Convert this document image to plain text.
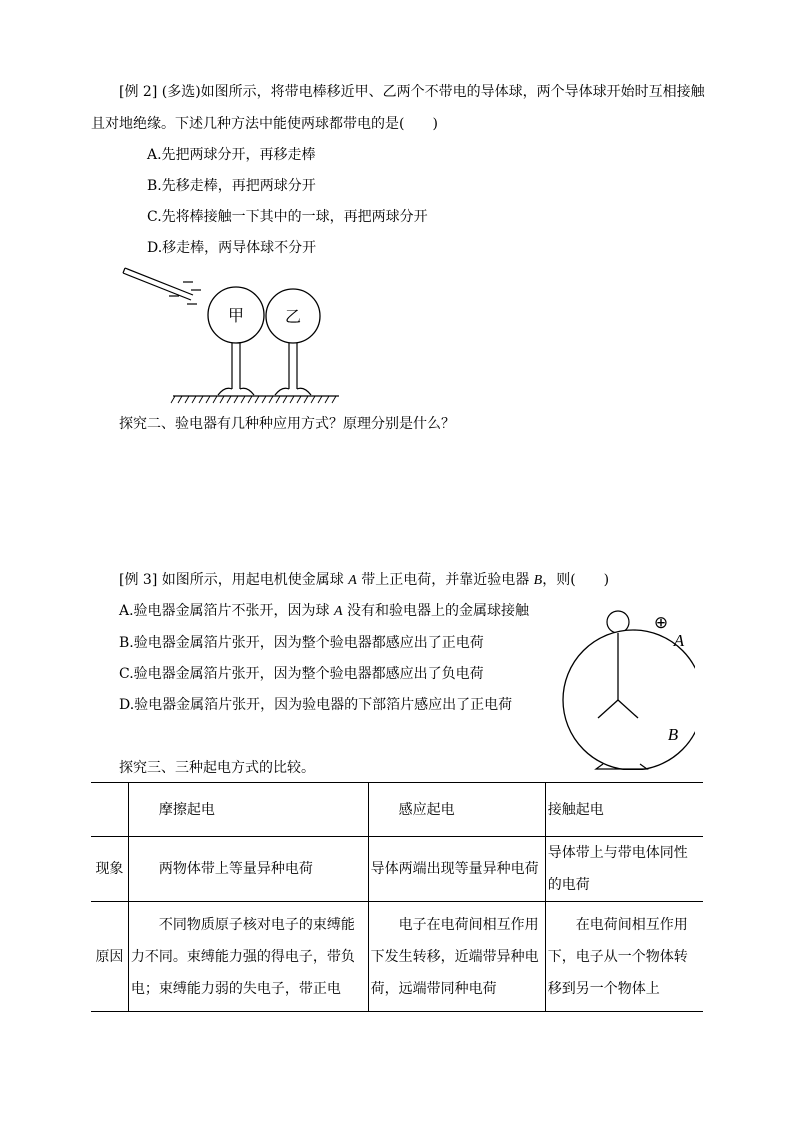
[例 2] (多选)如图所示，将带电棒移近甲、乙两个不带电的导体球，两个导体球开始时互相接触
且对地绝缘。下述几种方法中能使两球都带电的是(　　)
A.先把两球分开，再移走棒
B.先移走棒，再把两球分开
C.先将棒接触一下其中的一球，再把两球分开
D.移走棒，两导体球不分开
甲	乙
探究二、验电器有几种种应用方式？原理分别是什么？
[例 3] 如图所示，用起电机使金属球 A 带上正电荷，并靠近验电器 B，则(　　)
A.验电器金属箔片不张开，因为球 A 没有和验电器上的金属球接触
B.验电器金属箔片张开，因为整个验电器都感应出了正电荷
C.验电器金属箔片张开，因为整个验电器都感应出了负电荷
D.验电器金属箔片张开，因为验电器的下部箔片感应出了正电荷
⊕
A
B
探究三、三种起电方式的比较。
	摩擦起电	感应起电	接触起电
现象	两物体带上等量异种电荷	导体两端出现等量异种电荷	导体带上与带电体同性的电荷
原因	不同物质原子核对电子的束缚能力不同。束缚能力强的得电子，带负电；束缚能力弱的失电子，带正电	电子在电荷间相互作用下发生转移，近端带异种电荷，远端带同种电荷	在电荷间相互作用下，电子从一个物体转移到另一个物体上
